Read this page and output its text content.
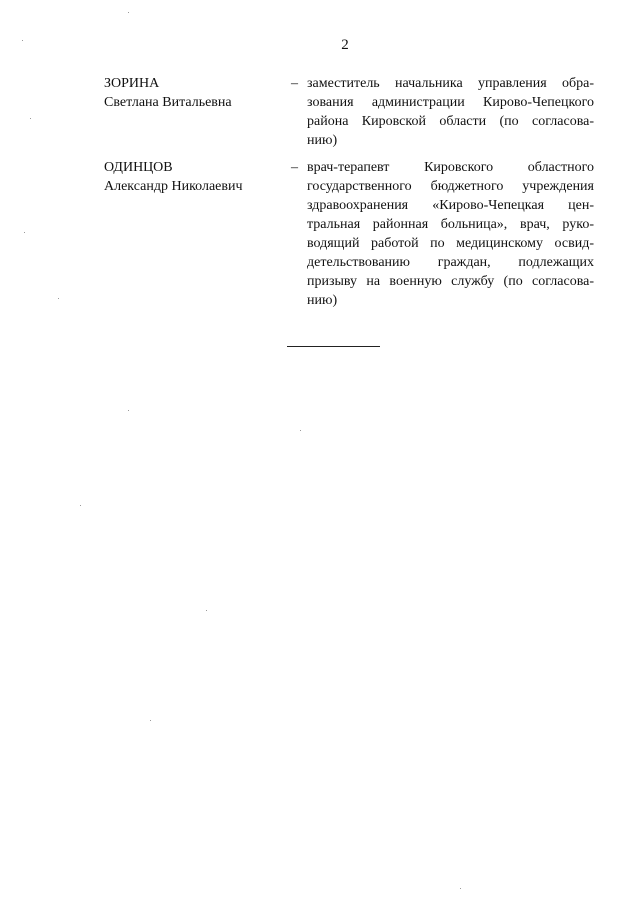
2
ЗОРИНА
Светлана Витальевна
– заместитель начальника управления обра-
зования администрации Кирово-Чепецкого
района Кировской области (по согласова-
нию)
ОДИНЦОВ
Александр Николаевич
– врач-терапевт Кировского областного
государственного бюджетного учреждения
здравоохранения «Кирово-Чепецкая цен-
тральная районная больница», врач, руко-
водящий работой по медицинскому освид-
детельствованию граждан, подлежащих
призыву на военную службу (по согласова-
нию)
